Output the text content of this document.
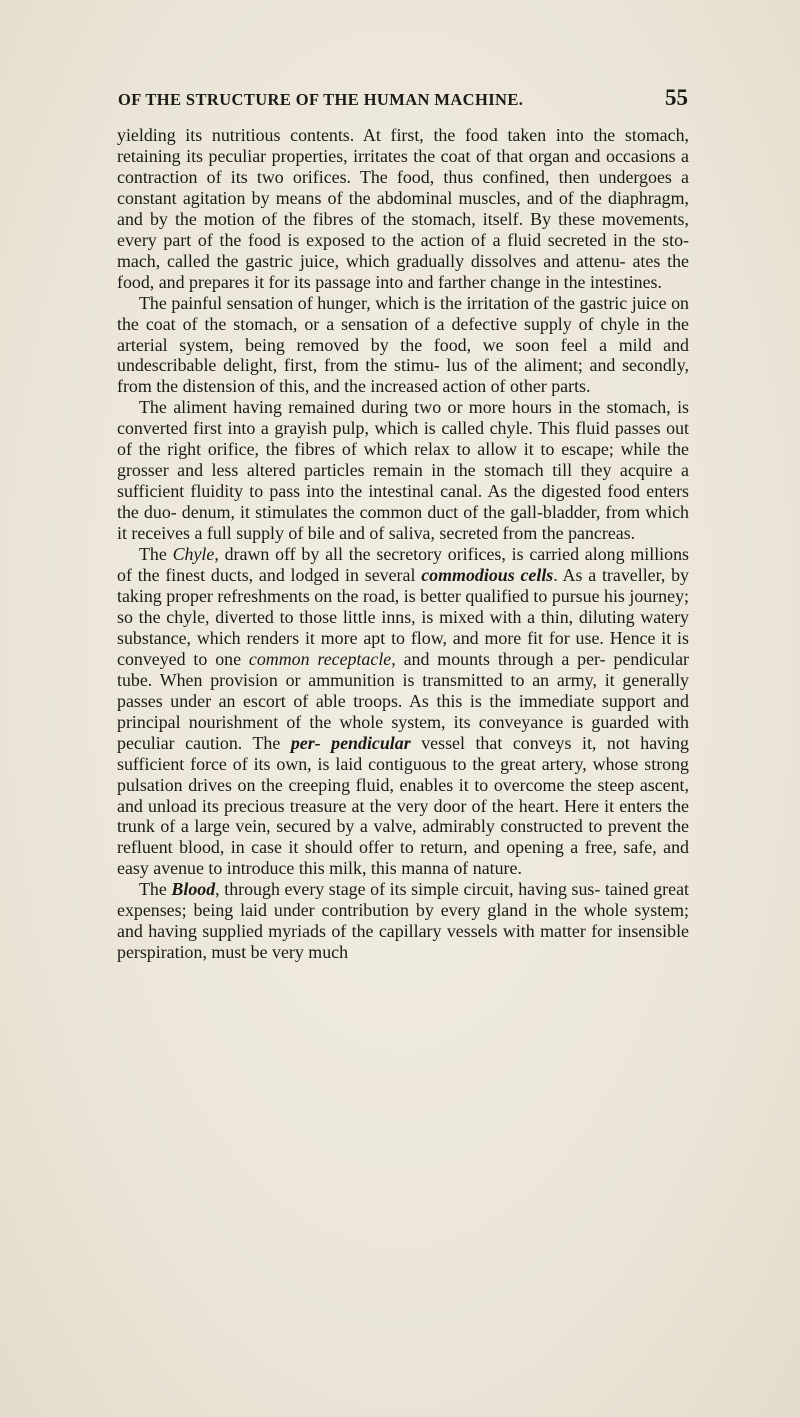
OF THE STRUCTURE OF THE HUMAN MACHINE.	55

yielding its nutritious contents. At first, the food taken into the stomach, retaining its peculiar properties, irritates the coat of that organ and occasions a contraction of its two orifices. The food, thus confined, then undergoes a constant agitation by means of the abdominal muscles, and of the diaphragm, and by the motion of the fibres of the stomach, itself. By these movements, every part of the food is exposed to the action of a fluid secreted in the sto- mach, called the gastric juice, which gradually dissolves and attenu- ates the food, and prepares it for its passage into and farther change in the intestines.

The painful sensation of hunger, which is the irritation of the gastric juice on the coat of the stomach, or a sensation of a defective supply of chyle in the arterial system, being removed by the food, we soon feel a mild and undescribable delight, first, from the stimu- lus of the aliment; and secondly, from the distension of this, and the increased action of other parts.

The aliment having remained during two or more hours in the stomach, is converted first into a grayish pulp, which is called chyle. This fluid passes out of the right orifice, the fibres of which relax to allow it to escape; while the grosser and less altered particles remain in the stomach till they acquire a sufficient fluidity to pass into the intestinal canal. As the digested food enters the duo- denum, it stimulates the common duct of the gall-bladder, from which it receives a full supply of bile and of saliva, secreted from the pancreas.

The Chyle, drawn off by all the secretory orifices, is carried along millions of the finest ducts, and lodged in several commodious cells. As a traveller, by taking proper refreshments on the road, is better qualified to pursue his journey; so the chyle, diverted to those little inns, is mixed with a thin, diluting watery substance, which renders it more apt to flow, and more fit for use. Hence it is conveyed to one common receptacle, and mounts through a per- pendicular tube. When provision or ammunition is transmitted to an army, it generally passes under an escort of able troops. As this is the immediate support and principal nourishment of the whole system, its conveyance is guarded with peculiar caution. The per- pendicular vessel that conveys it, not having sufficient force of its own, is laid contiguous to the great artery, whose strong pulsation drives on the creeping fluid, enables it to overcome the steep ascent, and unload its precious treasure at the very door of the heart. Here it enters the trunk of a large vein, secured by a valve, admirably constructed to prevent the refluent blood, in case it should offer to return, and opening a free, safe, and easy avenue to introduce this milk, this manna of nature.

The Blood, through every stage of its simple circuit, having sus- tained great expenses; being laid under contribution by every gland in the whole system; and having supplied myriads of the capillary vessels with matter for insensible perspiration, must be very much
